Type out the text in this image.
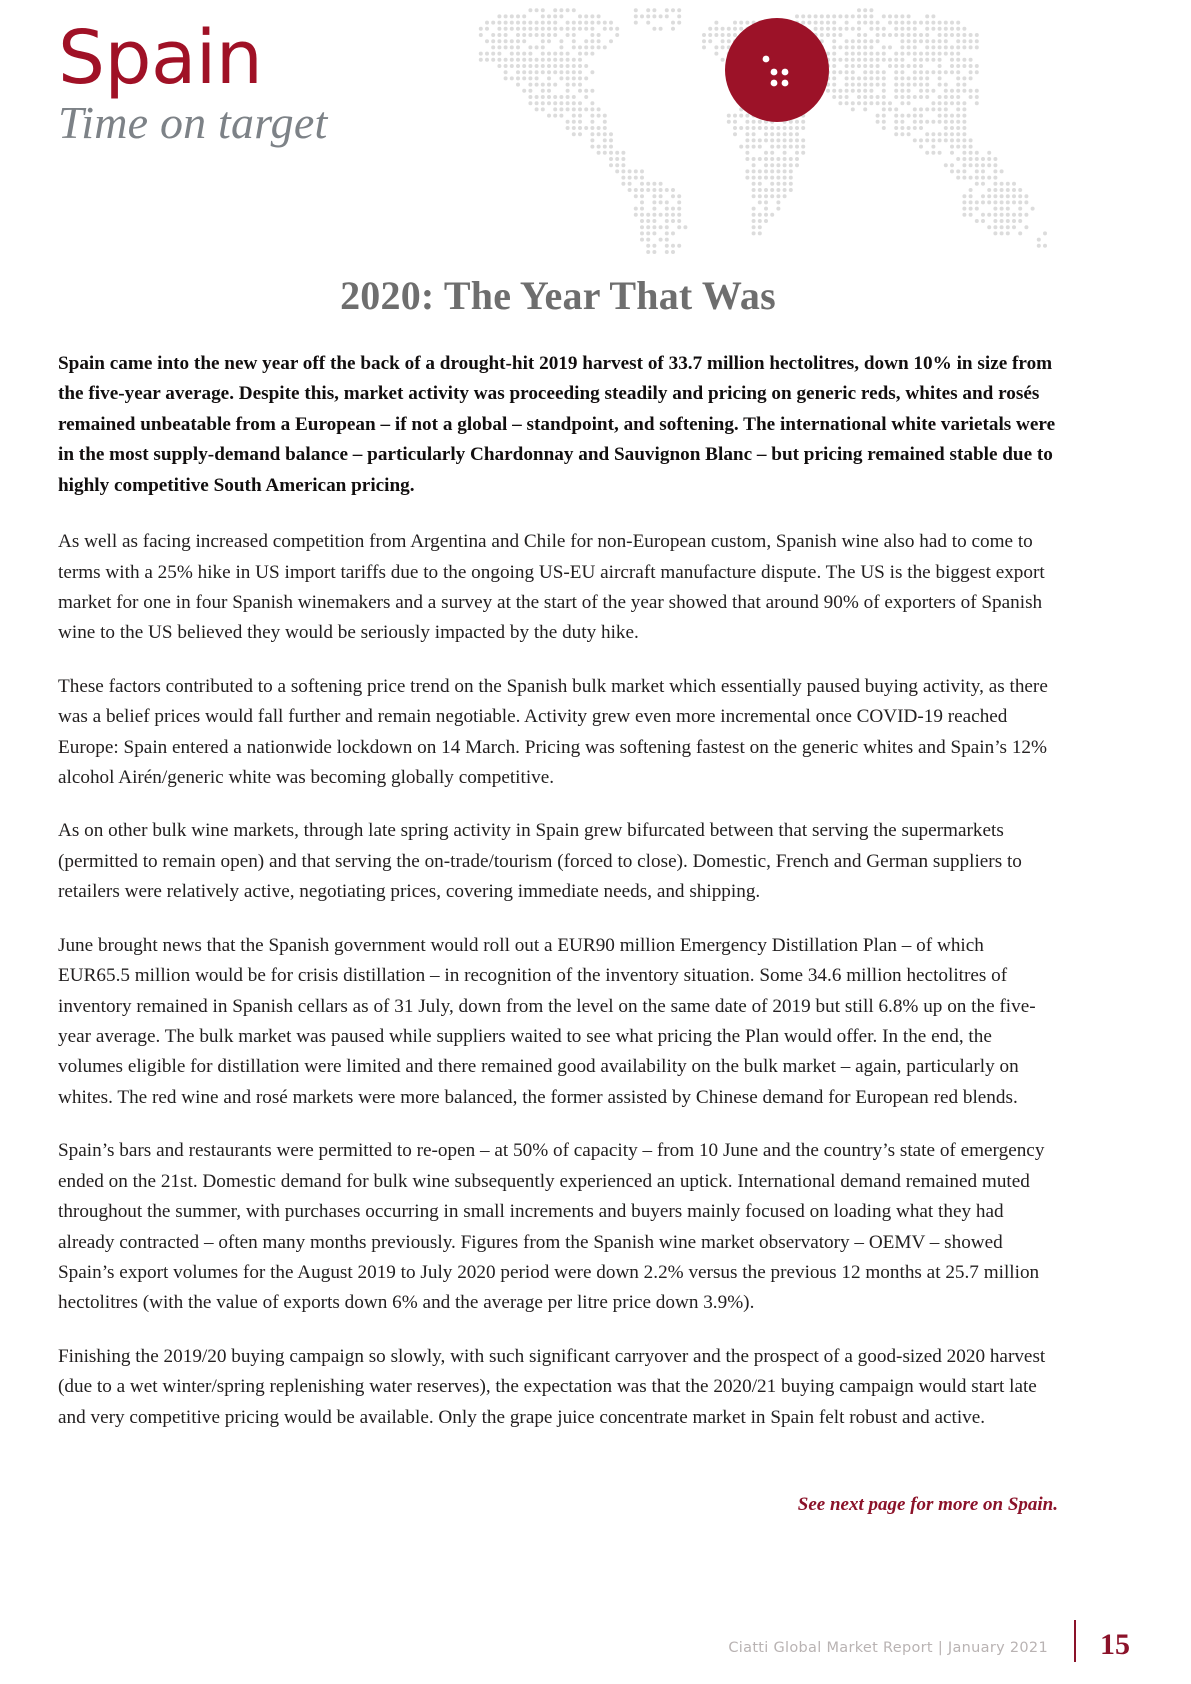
Spain
Time on target
2020: The Year That Was

Spain came into the new year off the back of a drought-hit 2019 harvest of 33.7 million hectolitres, down 10% in size from the five-year average. Despite this, market activity was proceeding steadily and pricing on generic reds, whites and rosés remained unbeatable from a European – if not a global – standpoint, and softening. The international white varietals were in the most supply-demand balance – particularly Chardonnay and Sauvignon Blanc – but pricing remained stable due to highly competitive South American pricing.

As well as facing increased competition from Argentina and Chile for non-European custom, Spanish wine also had to come to terms with a 25% hike in US import tariffs due to the ongoing US-EU aircraft manufacture dispute. The US is the biggest export market for one in four Spanish winemakers and a survey at the start of the year showed that around 90% of exporters of Spanish wine to the US believed they would be seriously impacted by the duty hike.

These factors contributed to a softening price trend on the Spanish bulk market which essentially paused buying activity, as there was a belief prices would fall further and remain negotiable. Activity grew even more incremental once COVID-19 reached Europe: Spain entered a nationwide lockdown on 14 March. Pricing was softening fastest on the generic whites and Spain’s 12% alcohol Airén/generic white was becoming globally competitive.

As on other bulk wine markets, through late spring activity in Spain grew bifurcated between that serving the supermarkets (permitted to remain open) and that serving the on-trade/tourism (forced to close). Domestic, French and German suppliers to retailers were relatively active, negotiating prices, covering immediate needs, and shipping.

June brought news that the Spanish government would roll out a EUR90 million Emergency Distillation Plan – of which EUR65.5 million would be for crisis distillation – in recognition of the inventory situation. Some 34.6 million hectolitres of inventory remained in Spanish cellars as of 31 July, down from the level on the same date of 2019 but still 6.8% up on the five-year average. The bulk market was paused while suppliers waited to see what pricing the Plan would offer. In the end, the volumes eligible for distillation were limited and there remained good availability on the bulk market – again, particularly on whites. The red wine and rosé markets were more balanced, the former assisted by Chinese demand for European red blends.

Spain’s bars and restaurants were permitted to re-open – at 50% of capacity – from 10 June and the country’s state of emergency ended on the 21st. Domestic demand for bulk wine subsequently experienced an uptick. International demand remained muted throughout the summer, with purchases occurring in small increments and buyers mainly focused on loading what they had already contracted – often many months previously. Figures from the Spanish wine market observatory – OEMV – showed Spain’s export volumes for the August 2019 to July 2020 period were down 2.2% versus the previous 12 months at 25.7 million hectolitres (with the value of exports down 6% and the average per litre price down 3.9%).

Finishing the 2019/20 buying campaign so slowly, with such significant carryover and the prospect of a good-sized 2020 harvest (due to a wet winter/spring replenishing water reserves), the expectation was that the 2020/21 buying campaign would start late and very competitive pricing would be available. Only the grape juice concentrate market in Spain felt robust and active.

See next page for more on Spain.
Ciatti Global Market Report | January 2021 15
